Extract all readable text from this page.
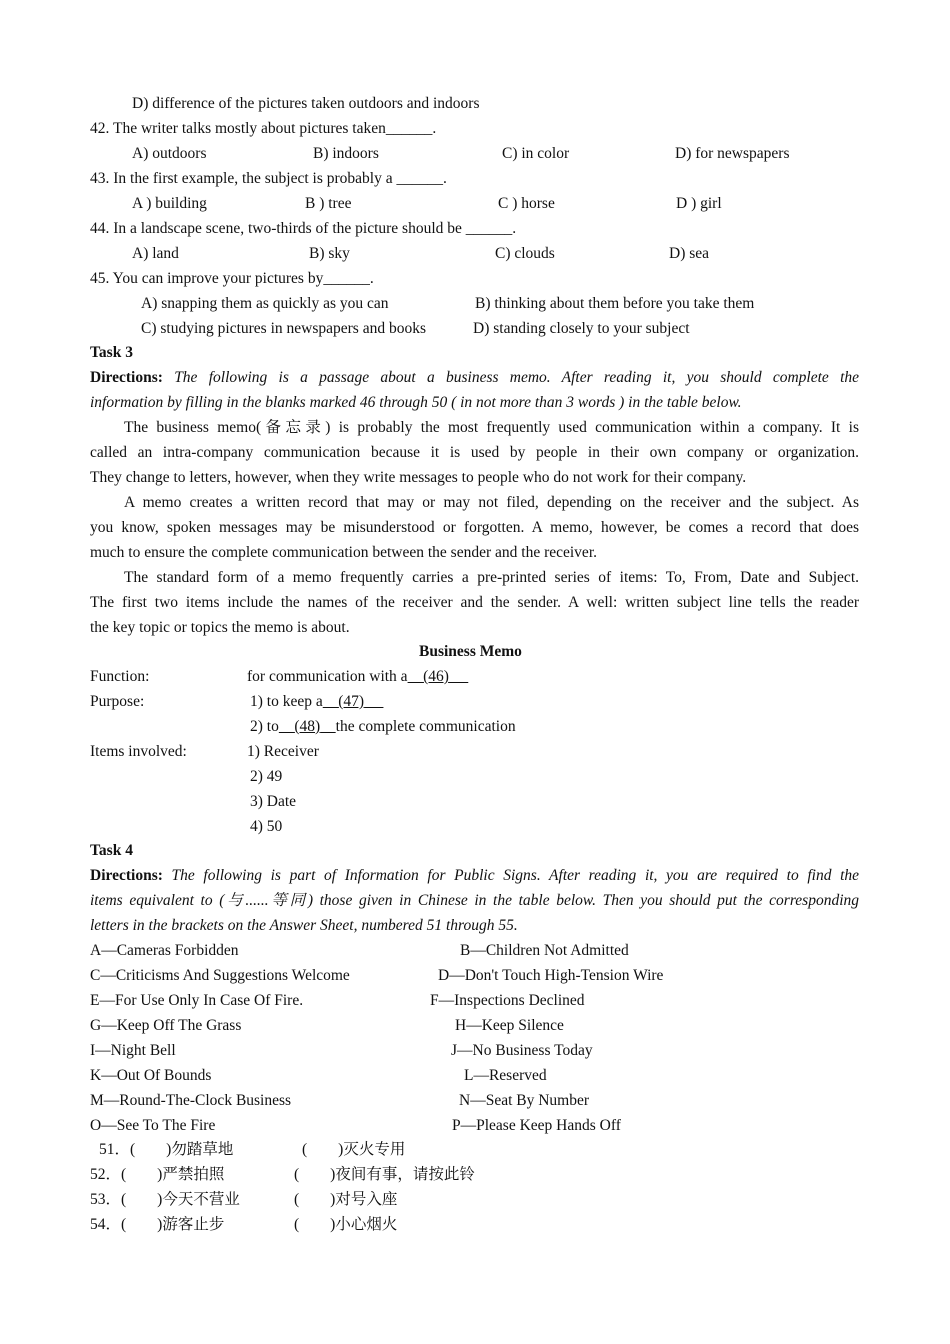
D) difference of the pictures taken outdoors and indoors
42. The writer talks mostly about pictures taken______.
A) outdoors	B) indoors	C) in color	D) for newspapers
43. In the first example, the subject is probably a ______.
A ) building	B ) tree	C ) horse	D ) girl
44. In a landscape scene, two-thirds of the picture should be ______.
A) land	B) sky	C) clouds	D) sea
45. You can improve your pictures by______.
A) snapping them as quickly as you can	B) thinking about them before you take them
C) studying pictures in newspapers and books	D) standing closely to your subject
Task 3
Directions: The following is a passage about a business memo. After reading it, you should complete the
information by filling in the blanks marked 46 through 50 ( in not more than 3 words ) in the table below.
The business memo(备忘录) is probably the most frequently used communication within a company. It is
called an intra-company communication because it is used by people in their own company or organization.
They change to letters, however, when they write messages to people who do not work for their company.
A memo creates a written record that may or may not filed, depending on the receiver and the subject. As
you know, spoken messages may be misunderstood or forgotten. A memo, however, be comes a record that does
much to ensure the complete communication between the sender and the receiver.
The standard form of a memo frequently carries a pre-printed series of items: To, From, Date and Subject.
The first two items include the names of the receiver and the sender. A well: written subject line tells the reader
the key topic or topics the memo is about.
Business Memo
Function:	for communication with a (46)
Purpose:	1) to keep a (47)
2) to (48) the complete communication
Items involved:	1) Receiver
2) 49
3) Date
4) 50
Task 4
Directions: The following is part of Information for Public Signs. After reading it, you are required to find the
items equivalent to (与......等同) those given in Chinese in the table below. Then you should put the corresponding
letters in the brackets on the Answer Sheet, numbered 51 through 55.
A—Cameras Forbidden	B—Children Not Admitted
C—Criticisms And Suggestions Welcome	D—Don't Touch High-Tension Wire
E—For Use Only In Case Of Fire.	F—Inspections Declined
G—Keep Off The Grass	H—Keep Silence
I—Night Bell	J—No Business Today
K—Out Of Bounds	L—Reserved
M—Round-The-Clock Business	N—Seat By Number
O—See To The Fire	P—Please Keep Hands Off
51．(        )勿踏草地	(        )灭火专用
52．(        )严禁拍照	(        )夜间有事，请按此铃
53．(        )今天不营业	(        )对号入座
54．(        )游客止步	(        )小心烟火
